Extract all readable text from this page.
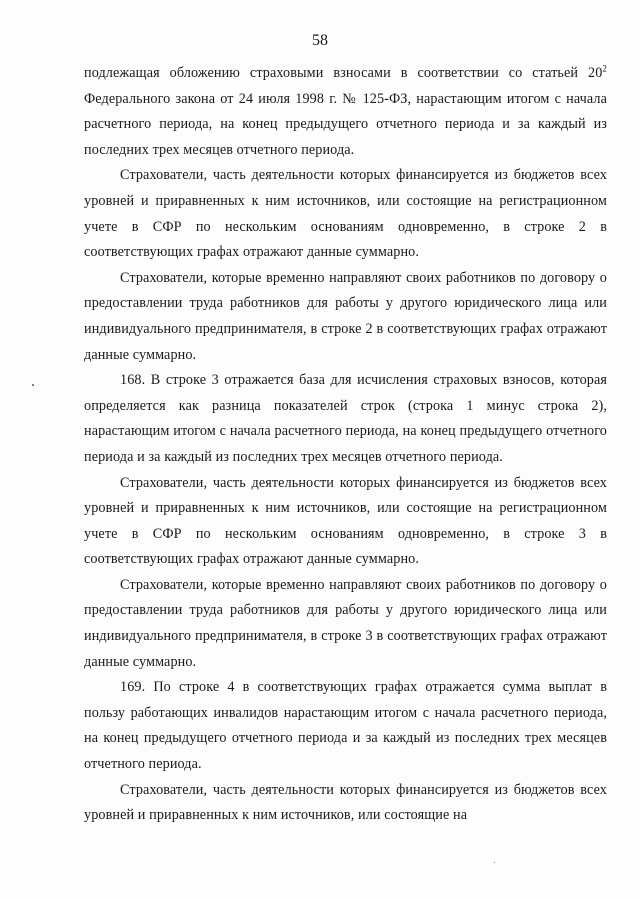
58

подлежащая обложению страховыми взносами в соответствии со статьей $20^2$ Федерального закона от 24 июля 1998 г. № 125-ФЗ, нарастающим итогом с начала расчетного периода, на конец предыдущего отчетного периода и за каждый из последних трех месяцев отчетного периода.

Страхователи, часть деятельности которых финансируется из бюджетов всех уровней и приравненных к ним источников, или состоящие на регистрационном учете в СФР по нескольким основаниям одновременно, в строке 2 в соответствующих графах отражают данные суммарно.

Страхователи, которые временно направляют своих работников по договору о предоставлении труда работников для работы у другого юридического лица или индивидуального предпринимателя, в строке 2 в соответствующих графах отражают данные суммарно.

168. В строке 3 отражается база для исчисления страховых взносов, которая определяется как разница показателей строк (строка 1 минус строка 2), нарастающим итогом с начала расчетного периода, на конец предыдущего отчетного периода и за каждый из последних трех месяцев отчетного периода.

Страхователи, часть деятельности которых финансируется из бюджетов всех уровней и приравненных к ним источников, или состоящие на регистрационном учете в СФР по нескольким основаниям одновременно, в строке 3 в соответствующих графах отражают данные суммарно.

Страхователи, которые временно направляют своих работников по договору о предоставлении труда работников для работы у другого юридического лица или индивидуального предпринимателя, в строке 3 в соответствующих графах отражают данные суммарно.

169. По строке 4 в соответствующих графах отражается сумма выплат в пользу работающих инвалидов нарастающим итогом с начала расчетного периода, на конец предыдущего отчетного периода и за каждый из последних трех месяцев отчетного периода.

Страхователи, часть деятельности которых финансируется из бюджетов всех уровней и приравненных к ним источников, или состоящие на
